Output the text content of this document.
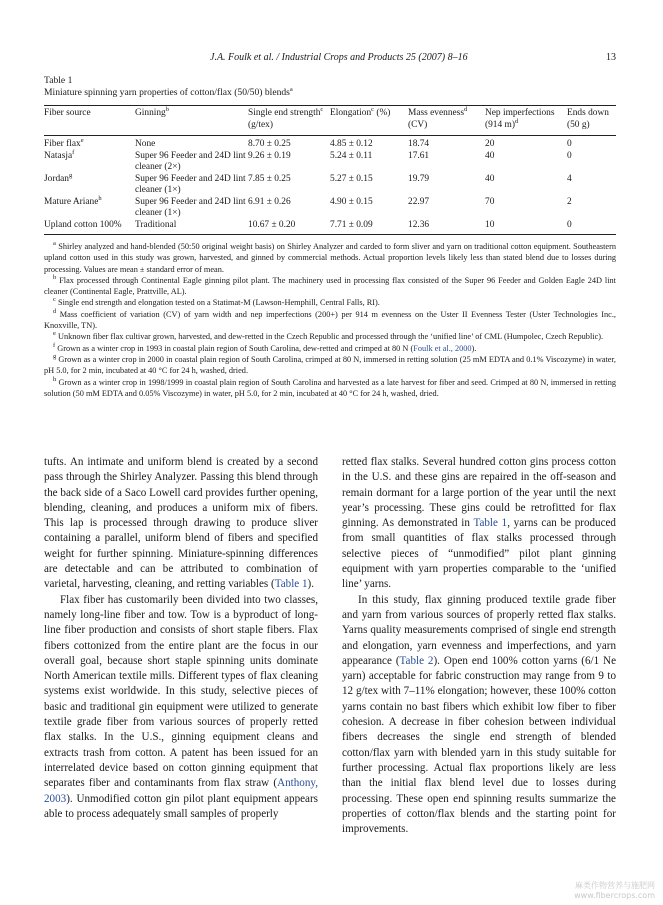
J.A. Foulk et al. / Industrial Crops and Products 25 (2007) 8–16	13
Table 1
Miniature spinning yarn properties of cotton/flax (50/50) blends$^a$
Fiber source	Ginning$^b$	Single end strength$^c$ (g/tex)	Elongation$^c$ (%)	Mass evenness$^d$ (CV)	Nep imperfections (914 m)$^d$	Ends down (50 g)

Fiber flax$^e$	None	8.70 ± 0.25	4.85 ± 0.12	18.74	20	0
Natasja$^f$	Super 96 Feeder and 24D lint cleaner (2×)	9.26 ± 0.19	5.24 ± 0.11	17.61	40	0
Jordan$^g$	Super 96 Feeder and 24D lint cleaner (1×)	7.85 ± 0.25	5.27 ± 0.15	19.79	40	4
Mature Ariane$^h$	Super 96 Feeder and 24D lint cleaner (1×)	6.91 ± 0.26	4.90 ± 0.15	22.97	70	2
Upland cotton 100%	Traditional	10.67 ± 0.20	7.71 ± 0.09	12.36	10	0
$^a$ Shirley analyzed and hand-blended (50:50 original weight basis) on Shirley Analyzer and carded to form sliver and yarn on traditional cotton equipment. Southeastern upland cotton used in this study was grown, harvested, and ginned by commercial methods. Actual proportion levels likely less than stated blend due to losses during processing. Values are mean ± standard error of mean.
$^b$ Flax processed through Continental Eagle ginning pilot plant. The machinery used in processing flax consisted of the Super 96 Feeder and Golden Eagle 24D lint cleaner (Continental Eagle, Prattville, AL).
$^c$ Single end strength and elongation tested on a Statimat-M (Lawson-Hemphill, Central Falls, RI).
$^d$ Mass coefficient of variation (CV) of yarn width and nep imperfections (200+) per 914 m evenness on the Uster II Evenness Tester (Uster Technologies Inc., Knoxville, TN).
$^e$ Unknown fiber flax cultivar grown, harvested, and dew-retted in the Czech Republic and processed through the ‘unified line’ of CML (Humpolec, Czech Republic).
$^f$ Grown as a winter crop in 1993 in coastal plain region of South Carolina, dew-retted and crimped at 80 N (Foulk et al., 2000).
$^g$ Grown as a winter crop in 2000 in coastal plain region of South Carolina, crimped at 80 N, immersed in retting solution (25 mM EDTA and 0.1% Viscozyme) in water, pH 5.0, for 2 min, incubated at 40 °C for 24 h, washed, dried.
$^h$ Grown as a winter crop in 1998/1999 in coastal plain region of South Carolina and harvested as a late harvest for fiber and seed. Crimped at 80 N, immersed in retting solution (50 mM EDTA and 0.05% Viscozyme) in water, pH 5.0, for 2 min, incubated at 40 °C for 24 h, washed, dried.

tufts. An intimate and uniform blend is created by a second pass through the Shirley Analyzer. Passing this blend through the back side of a Saco Lowell card provides further opening, blending, cleaning, and produces a uniform mix of fibers. This lap is processed through drawing to produce sliver containing a parallel, uniform blend of fibers and specified weight for further spinning. Miniature-spinning differences are detectable and can be attributed to combination of varietal, harvesting, cleaning, and retting variables (Table 1).

Flax fiber has customarily been divided into two classes, namely long-line fiber and tow. Tow is a byproduct of long-line fiber production and consists of short staple fibers. Flax fibers cottonized from the entire plant are the focus in our overall goal, because short staple spinning units dominate North American textile mills. Different types of flax cleaning systems exist worldwide. In this study, selective pieces of basic and traditional gin equipment were utilized to generate textile grade fiber from various sources of properly retted flax stalks. In the U.S., ginning equipment cleans and extracts trash from cotton. A patent has been issued for an interrelated device based on cotton ginning equipment that separates fiber and contaminants from flax straw (Anthony, 2003). Unmodified cotton gin pilot plant equipment appears able to process adequately small samples of properly

retted flax stalks. Several hundred cotton gins process cotton in the U.S. and these gins are repaired in the off-season and remain dormant for a large portion of the year until the next year’s processing. These gins could be retrofitted for flax ginning. As demonstrated in Table 1, yarns can be produced from small quantities of flax stalks processed through selective pieces of “unmodified” pilot plant ginning equipment with yarn properties comparable to the ‘unified line’ yarns.

In this study, flax ginning produced textile grade fiber and yarn from various sources of properly retted flax stalks. Yarns quality measurements comprised of single end strength and elongation, yarn evenness and imperfections, and yarn appearance (Table 2). Open end 100% cotton yarns (6/1 Ne yarn) acceptable for fabric construction may range from 9 to 12 g/tex with 7–11% elongation; however, these 100% cotton yarns contain no bast fibers which exhibit low fiber to fiber cohesion. A decrease in fiber cohesion between individual fibers decreases the single end strength of blended cotton/flax yarn with blended yarn in this study suitable for further processing. Actual flax proportions likely are less than the initial flax blend level due to losses during processing. These open end spinning results summarize the properties of cotton/flax blends and the starting point for improvements.

麻类作物营养与施肥网 www.fibercrops.com
